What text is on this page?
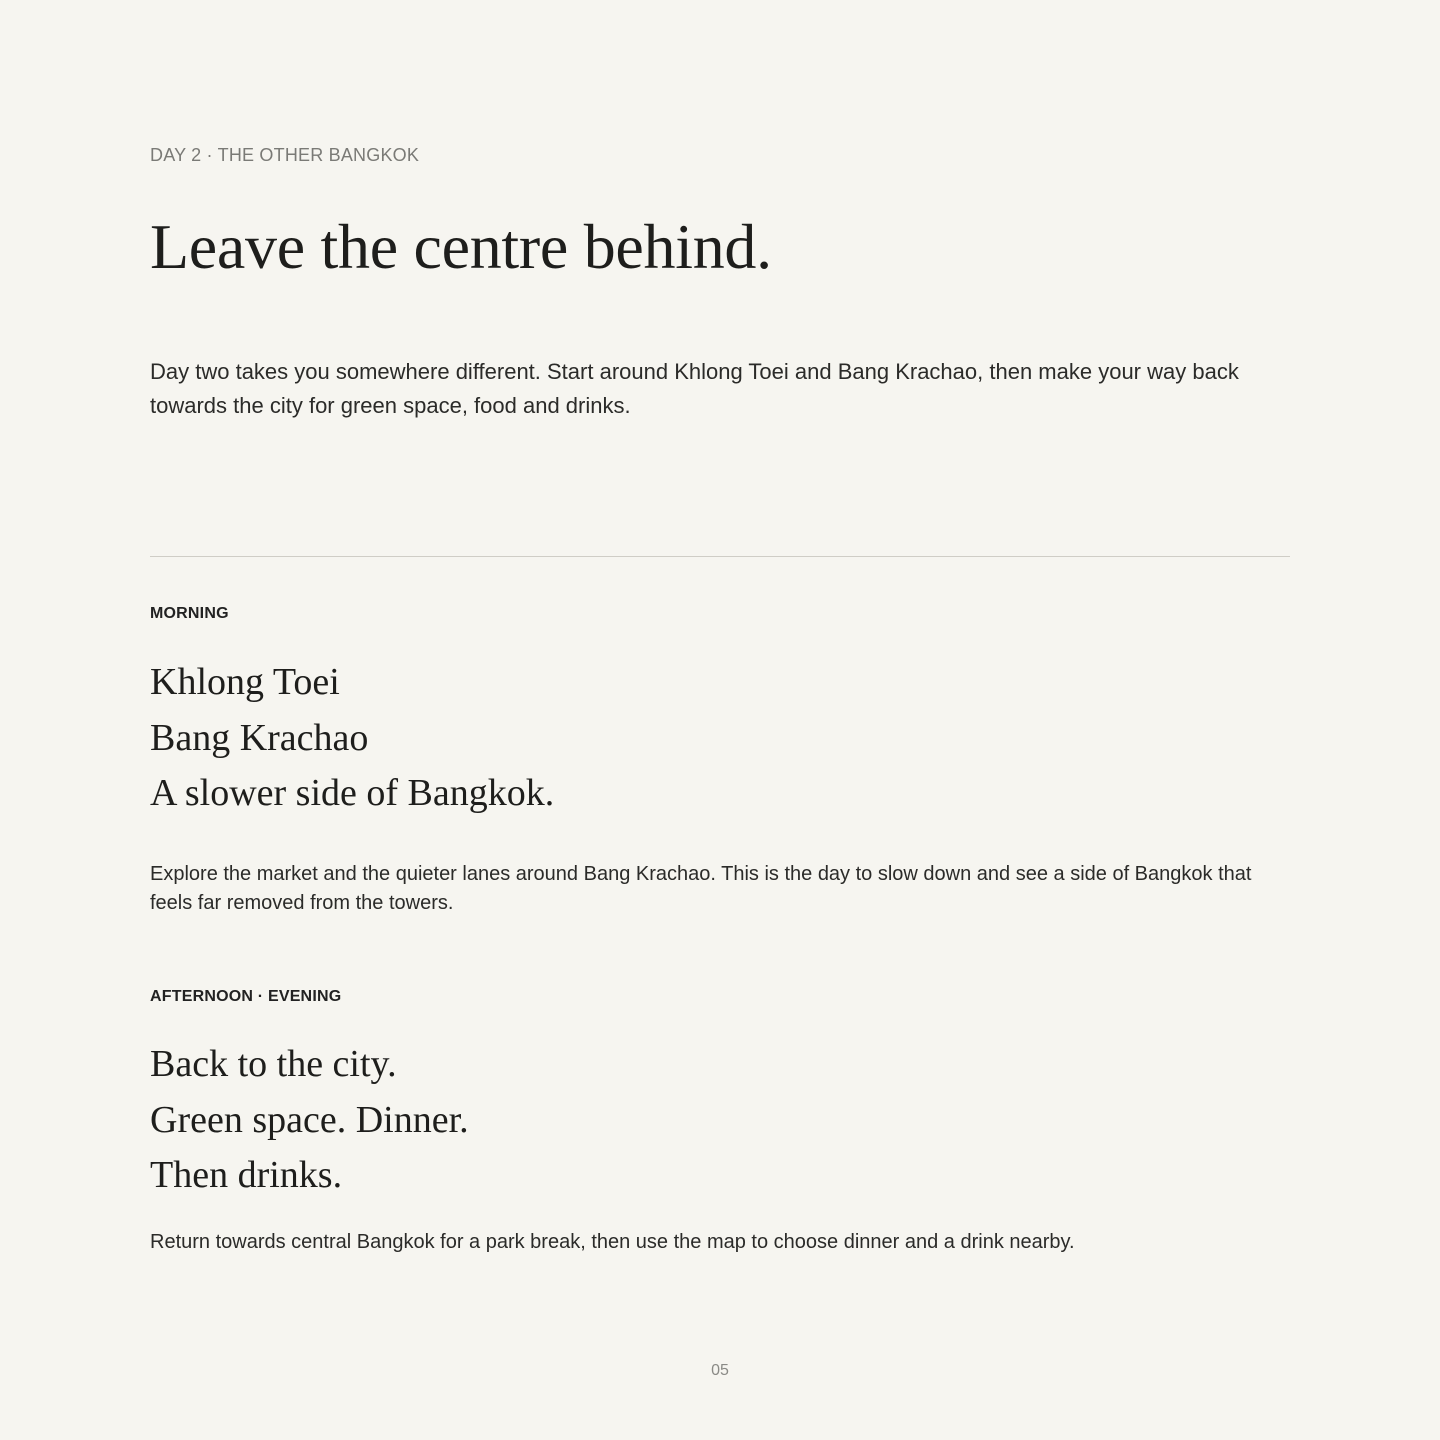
DAY 2 · THE OTHER BANGKOK
Leave the centre behind.

Day two takes you somewhere different. Start around Khlong Toei and Bang Krachao, then make your way back towards the city for green space, food and drinks.

MORNING
Khlong Toei
Bang Krachao
A slower side of Bangkok.

Explore the market and the quieter lanes around Bang Krachao. This is the day to slow down and see a side of Bangkok that feels far removed from the towers.

AFTERNOON · EVENING
Back to the city.
Green space. Dinner.
Then drinks.

Return towards central Bangkok for a park break, then use the map to choose dinner and a drink nearby.

05
